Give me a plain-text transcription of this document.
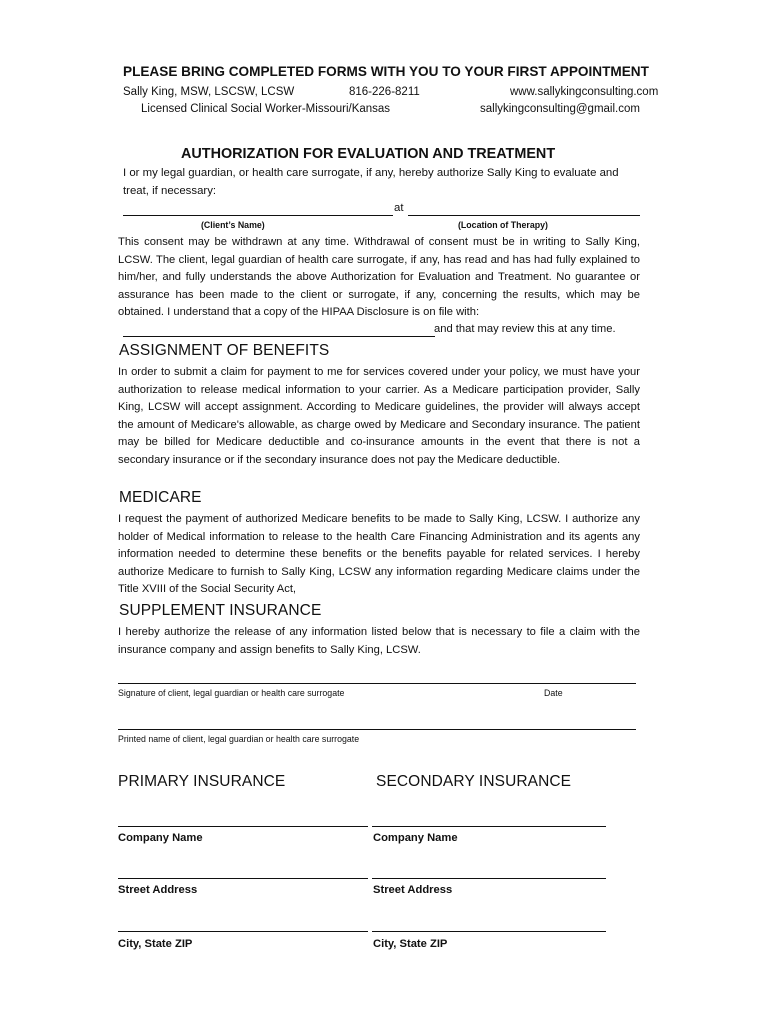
PLEASE BRING COMPLETED FORMS WITH YOU TO YOUR FIRST APPOINTMENT
Sally King, MSW, LSCSW, LCSW	816-226-8211	www.sallykingconsulting.com
Licensed Clinical Social Worker-Missouri/Kansas	sallykingconsulting@gmail.com
AUTHORIZATION FOR EVALUATION AND TREATMENT
I or my legal guardian, or health care surrogate, if any, hereby authorize Sally King to evaluate and
treat, if necessary:
at
(Client’s Name)	(Location of Therapy)
This consent may be withdrawn at any time. Withdrawal of consent must be in writing to Sally King, LCSW. The client, legal guardian of health care surrogate, if any, has read and has had fully explained to him/her, and fully understands the above Authorization for Evaluation and Treatment. No guarantee or assurance has been made to the client or surrogate, if any, concerning the results, which may be obtained. I understand that a copy of the HIPAA Disclosure is on file with:
and that may review this at any time.
ASSIGNMENT OF BENEFITS
In order to submit a claim for payment to me for services covered under your policy, we must have your authorization to release medical information to your carrier. As a Medicare participation provider, Sally King, LCSW will accept assignment. According to Medicare guidelines, the provider will always accept the amount of Medicare's allowable, as charge owed by Medicare and Secondary insurance. The patient may be billed for Medicare deductible and co-insurance amounts in the event that there is not a secondary insurance or if the secondary insurance does not pay the Medicare deductible.
MEDICARE
I request the payment of authorized Medicare benefits to be made to Sally King, LCSW. I authorize any holder of Medical information to release to the health Care Financing Administration and its agents any information needed to determine these benefits or the benefits payable for related services. I hereby authorize Medicare to furnish to Sally King, LCSW any information regarding Medicare claims under the Title XVIII of the Social Security Act,
SUPPLEMENT INSURANCE
I hereby authorize the release of any information listed below that is necessary to file a claim with the insurance company and assign benefits to Sally King, LCSW.
Signature of client, legal guardian or health care surrogate	Date
Printed name of client, legal guardian or health care surrogate
PRIMARY INSURANCE	SECONDARY INSURANCE
Company Name	Company Name
Street Address	Street Address
City, State ZIP	City, State ZIP
